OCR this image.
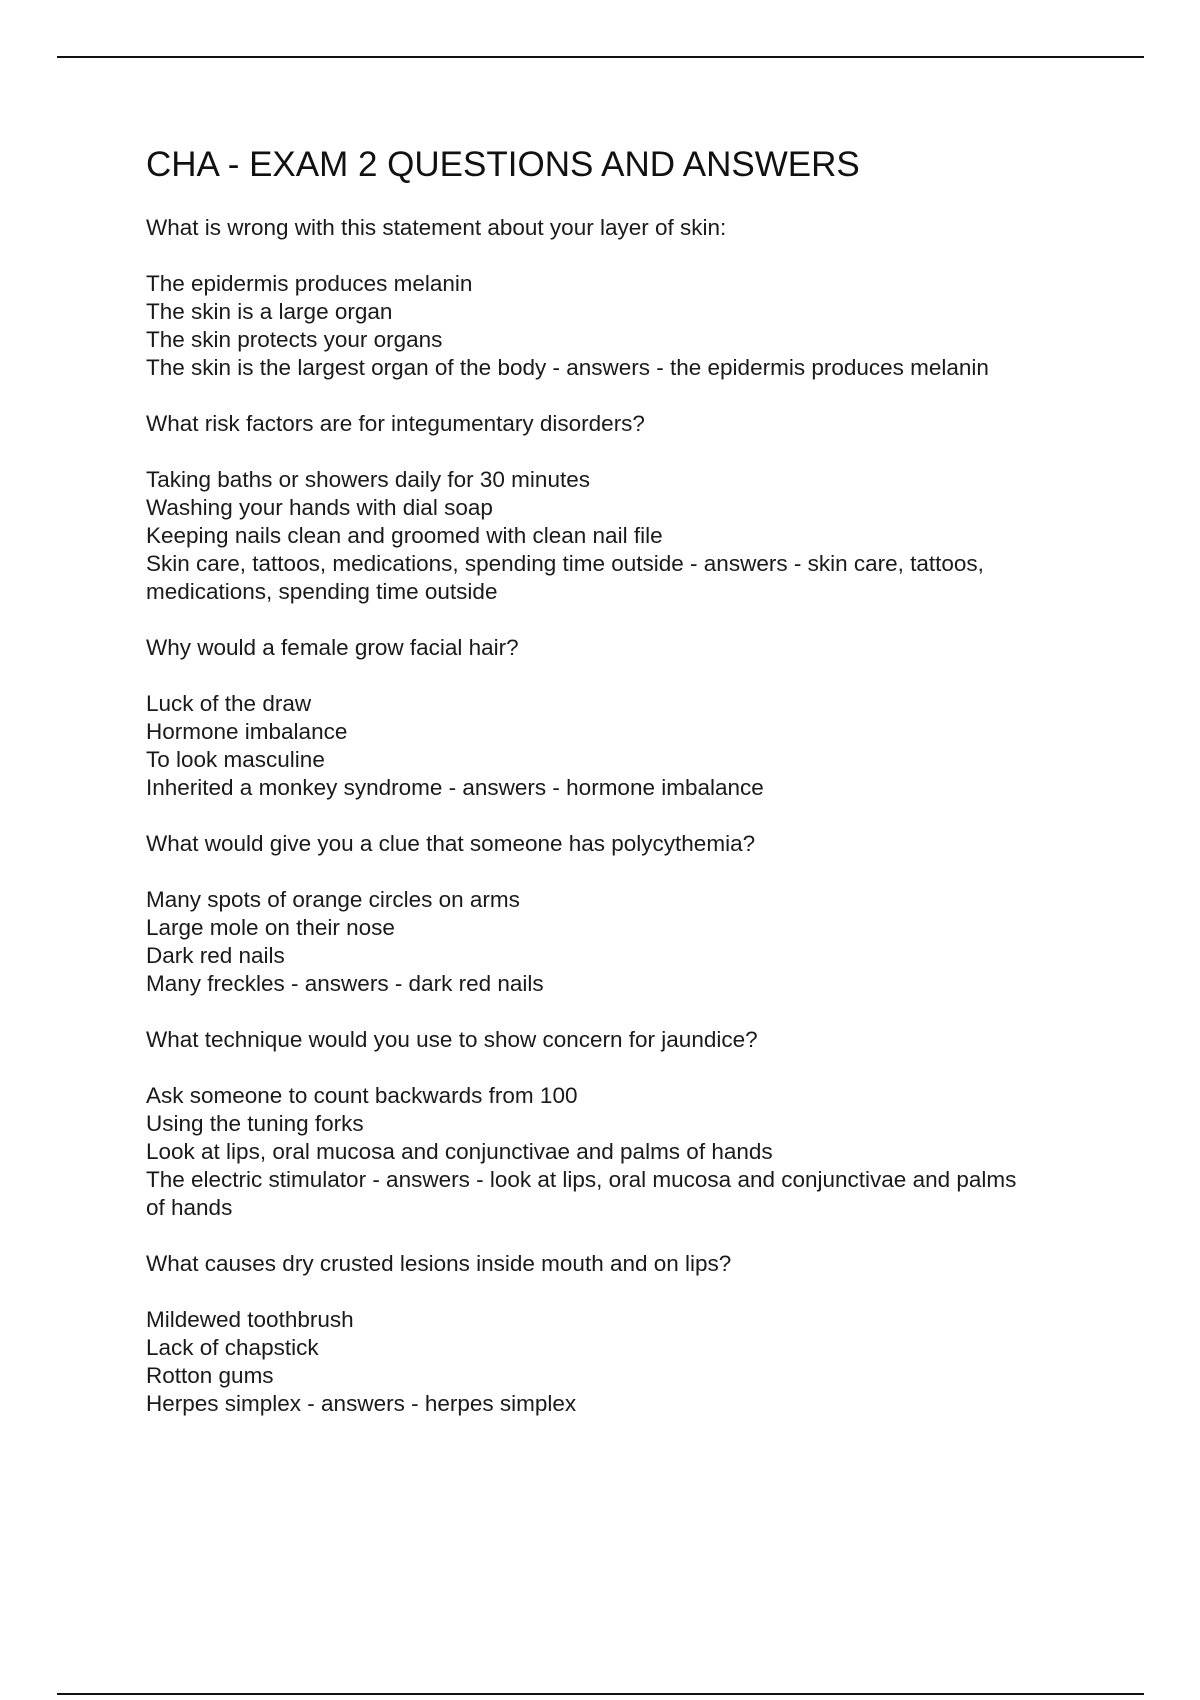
CHA - EXAM 2 QUESTIONS AND ANSWERS

What is wrong with this statement about your layer of skin:

The epidermis produces melanin
The skin is a large organ
The skin protects your organs
The skin is the largest organ of the body - answers - the epidermis produces melanin

What risk factors are for integumentary disorders?

Taking baths or showers daily for 30 minutes
Washing your hands with dial soap
Keeping nails clean and groomed with clean nail file
Skin care, tattoos, medications, spending time outside - answers - skin care, tattoos,
medications, spending time outside

Why would a female grow facial hair?

Luck of the draw
Hormone imbalance
To look masculine
Inherited a monkey syndrome - answers - hormone imbalance

What would give you a clue that someone has polycythemia?

Many spots of orange circles on arms
Large mole on their nose
Dark red nails
Many freckles - answers - dark red nails

What technique would you use to show concern for jaundice?

Ask someone to count backwards from 100
Using the tuning forks
Look at lips, oral mucosa and conjunctivae and palms of hands
The electric stimulator - answers - look at lips, oral mucosa and conjunctivae and palms
of hands

What causes dry crusted lesions inside mouth and on lips?

Mildewed toothbrush
Lack of chapstick
Rotton gums
Herpes simplex - answers - herpes simplex
